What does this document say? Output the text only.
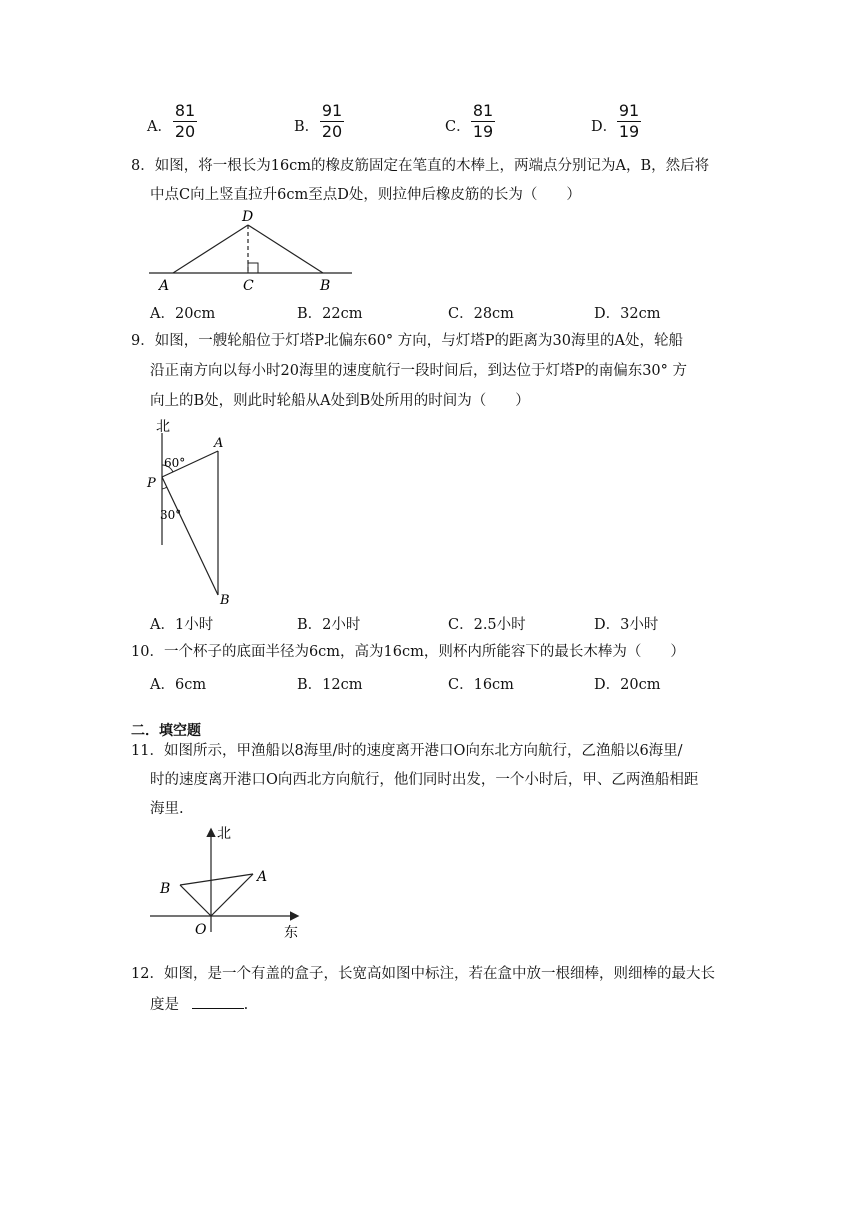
A．
81
20	B．
91
20	C．
81
19	D．
91
19
8．如图，将一根长为16cm的橡皮筋固定在笔直的木棒上，两端点分别记为A，B，然后将
中点C向上竖直拉升6cm至点D处，则拉伸后橡皮筋的长为（　　）
D
A	C	B
A．20cm	B．22cm	C．28cm	D．32cm
9．如图，一艘轮船位于灯塔P北偏东60° 方向，与灯塔P的距离为30海里的A处，轮船
沿正南方向以每小时20海里的速度航行一段时间后，到达位于灯塔P的南偏东30° 方
向上的B处，则此时轮船从A处到B处所用的时间为（　　）
北
A
60°
P
30°
B
A．1小时	B．2小时	C．2.5小时	D．3小时
10．一个杯子的底面半径为6cm，高为16cm，则杯内所能容下的最长木棒为（　　）
A．6cm	B．12cm	C．16cm	D．20cm
二．填空题
11．如图所示，甲渔船以8海里/时的速度离开港口O向东北方向航行，乙渔船以6海里/
时的速度离开港口O向西北方向航行，他们同时出发，一个小时后，甲、乙两渔船相距
海里.
北
东
O
A
B
12．如图，是一个有盖的盒子，长宽高如图中标注，若在盒中放一根细棒，则细棒的最大长
度是	.
